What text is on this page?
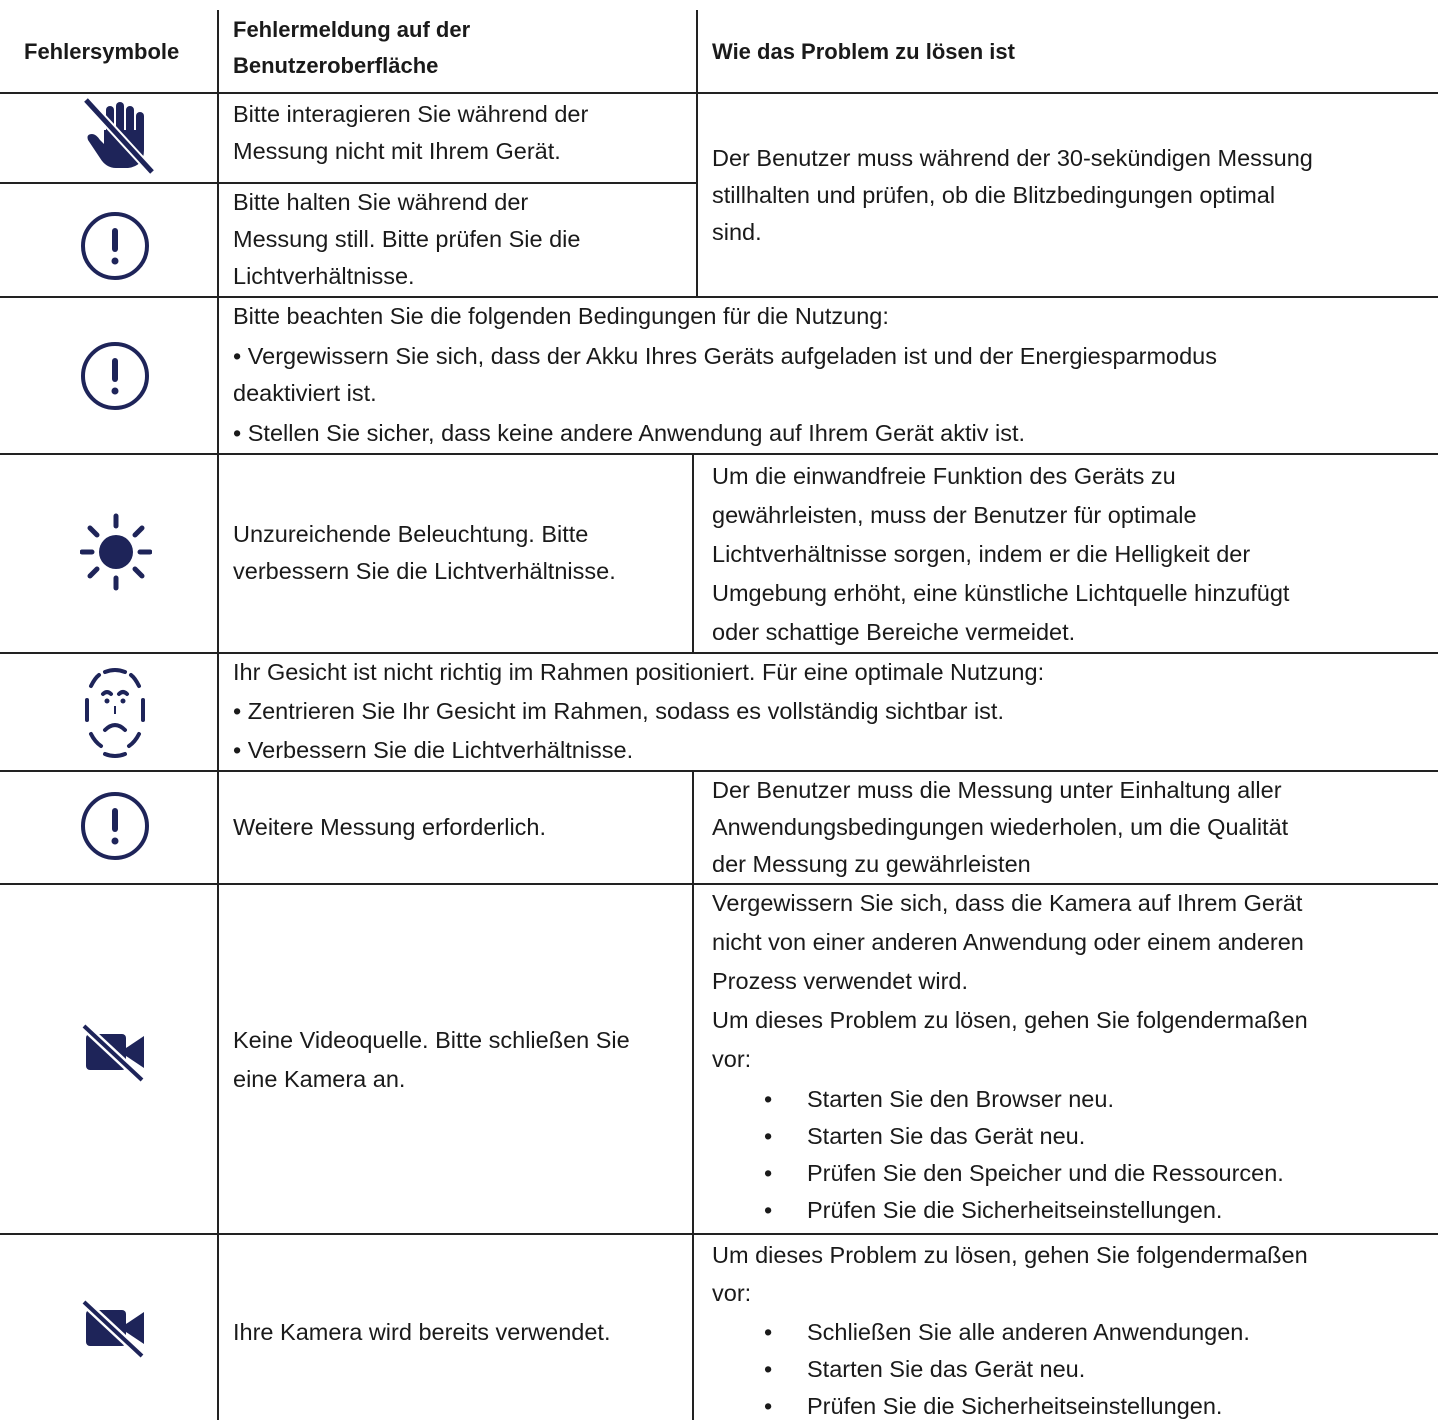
Fehlersymbole
Fehlermeldung auf der
Benutzeroberfläche
Wie das Problem zu lösen ist
Bitte interagieren Sie während der
Messung nicht mit Ihrem Gerät.
Bitte halten Sie während der
Messung still. Bitte prüfen Sie die
Lichtverhältnisse.
Der Benutzer muss während der 30-sekündigen Messung
stillhalten und prüfen, ob die Blitzbedingungen optimal
sind.
Bitte beachten Sie die folgenden Bedingungen für die Nutzung:
• Vergewissern Sie sich, dass der Akku Ihres Geräts aufgeladen ist und der Energiesparmodus
deaktiviert ist.
• Stellen Sie sicher, dass keine andere Anwendung auf Ihrem Gerät aktiv ist.
Unzureichende Beleuchtung. Bitte
verbessern Sie die Lichtverhältnisse.
Um die einwandfreie Funktion des Geräts zu
gewährleisten, muss der Benutzer für optimale
Lichtverhältnisse sorgen, indem er die Helligkeit der
Umgebung erhöht, eine künstliche Lichtquelle hinzufügt
oder schattige Bereiche vermeidet.
Ihr Gesicht ist nicht richtig im Rahmen positioniert. Für eine optimale Nutzung:
• Zentrieren Sie Ihr Gesicht im Rahmen, sodass es vollständig sichtbar ist.
• Verbessern Sie die Lichtverhältnisse.
Weitere Messung erforderlich.
Der Benutzer muss die Messung unter Einhaltung aller
Anwendungsbedingungen wiederholen, um die Qualität
der Messung zu gewährleisten
Keine Videoquelle. Bitte schließen Sie
eine Kamera an.
Vergewissern Sie sich, dass die Kamera auf Ihrem Gerät
nicht von einer anderen Anwendung oder einem anderen
Prozess verwendet wird.
Um dieses Problem zu lösen, gehen Sie folgendermaßen
vor:
• Starten Sie den Browser neu.
• Starten Sie das Gerät neu.
• Prüfen Sie den Speicher und die Ressourcen.
• Prüfen Sie die Sicherheitseinstellungen.
Ihre Kamera wird bereits verwendet.
Um dieses Problem zu lösen, gehen Sie folgendermaßen
vor:
• Schließen Sie alle anderen Anwendungen.
• Starten Sie das Gerät neu.
• Prüfen Sie die Sicherheitseinstellungen.
